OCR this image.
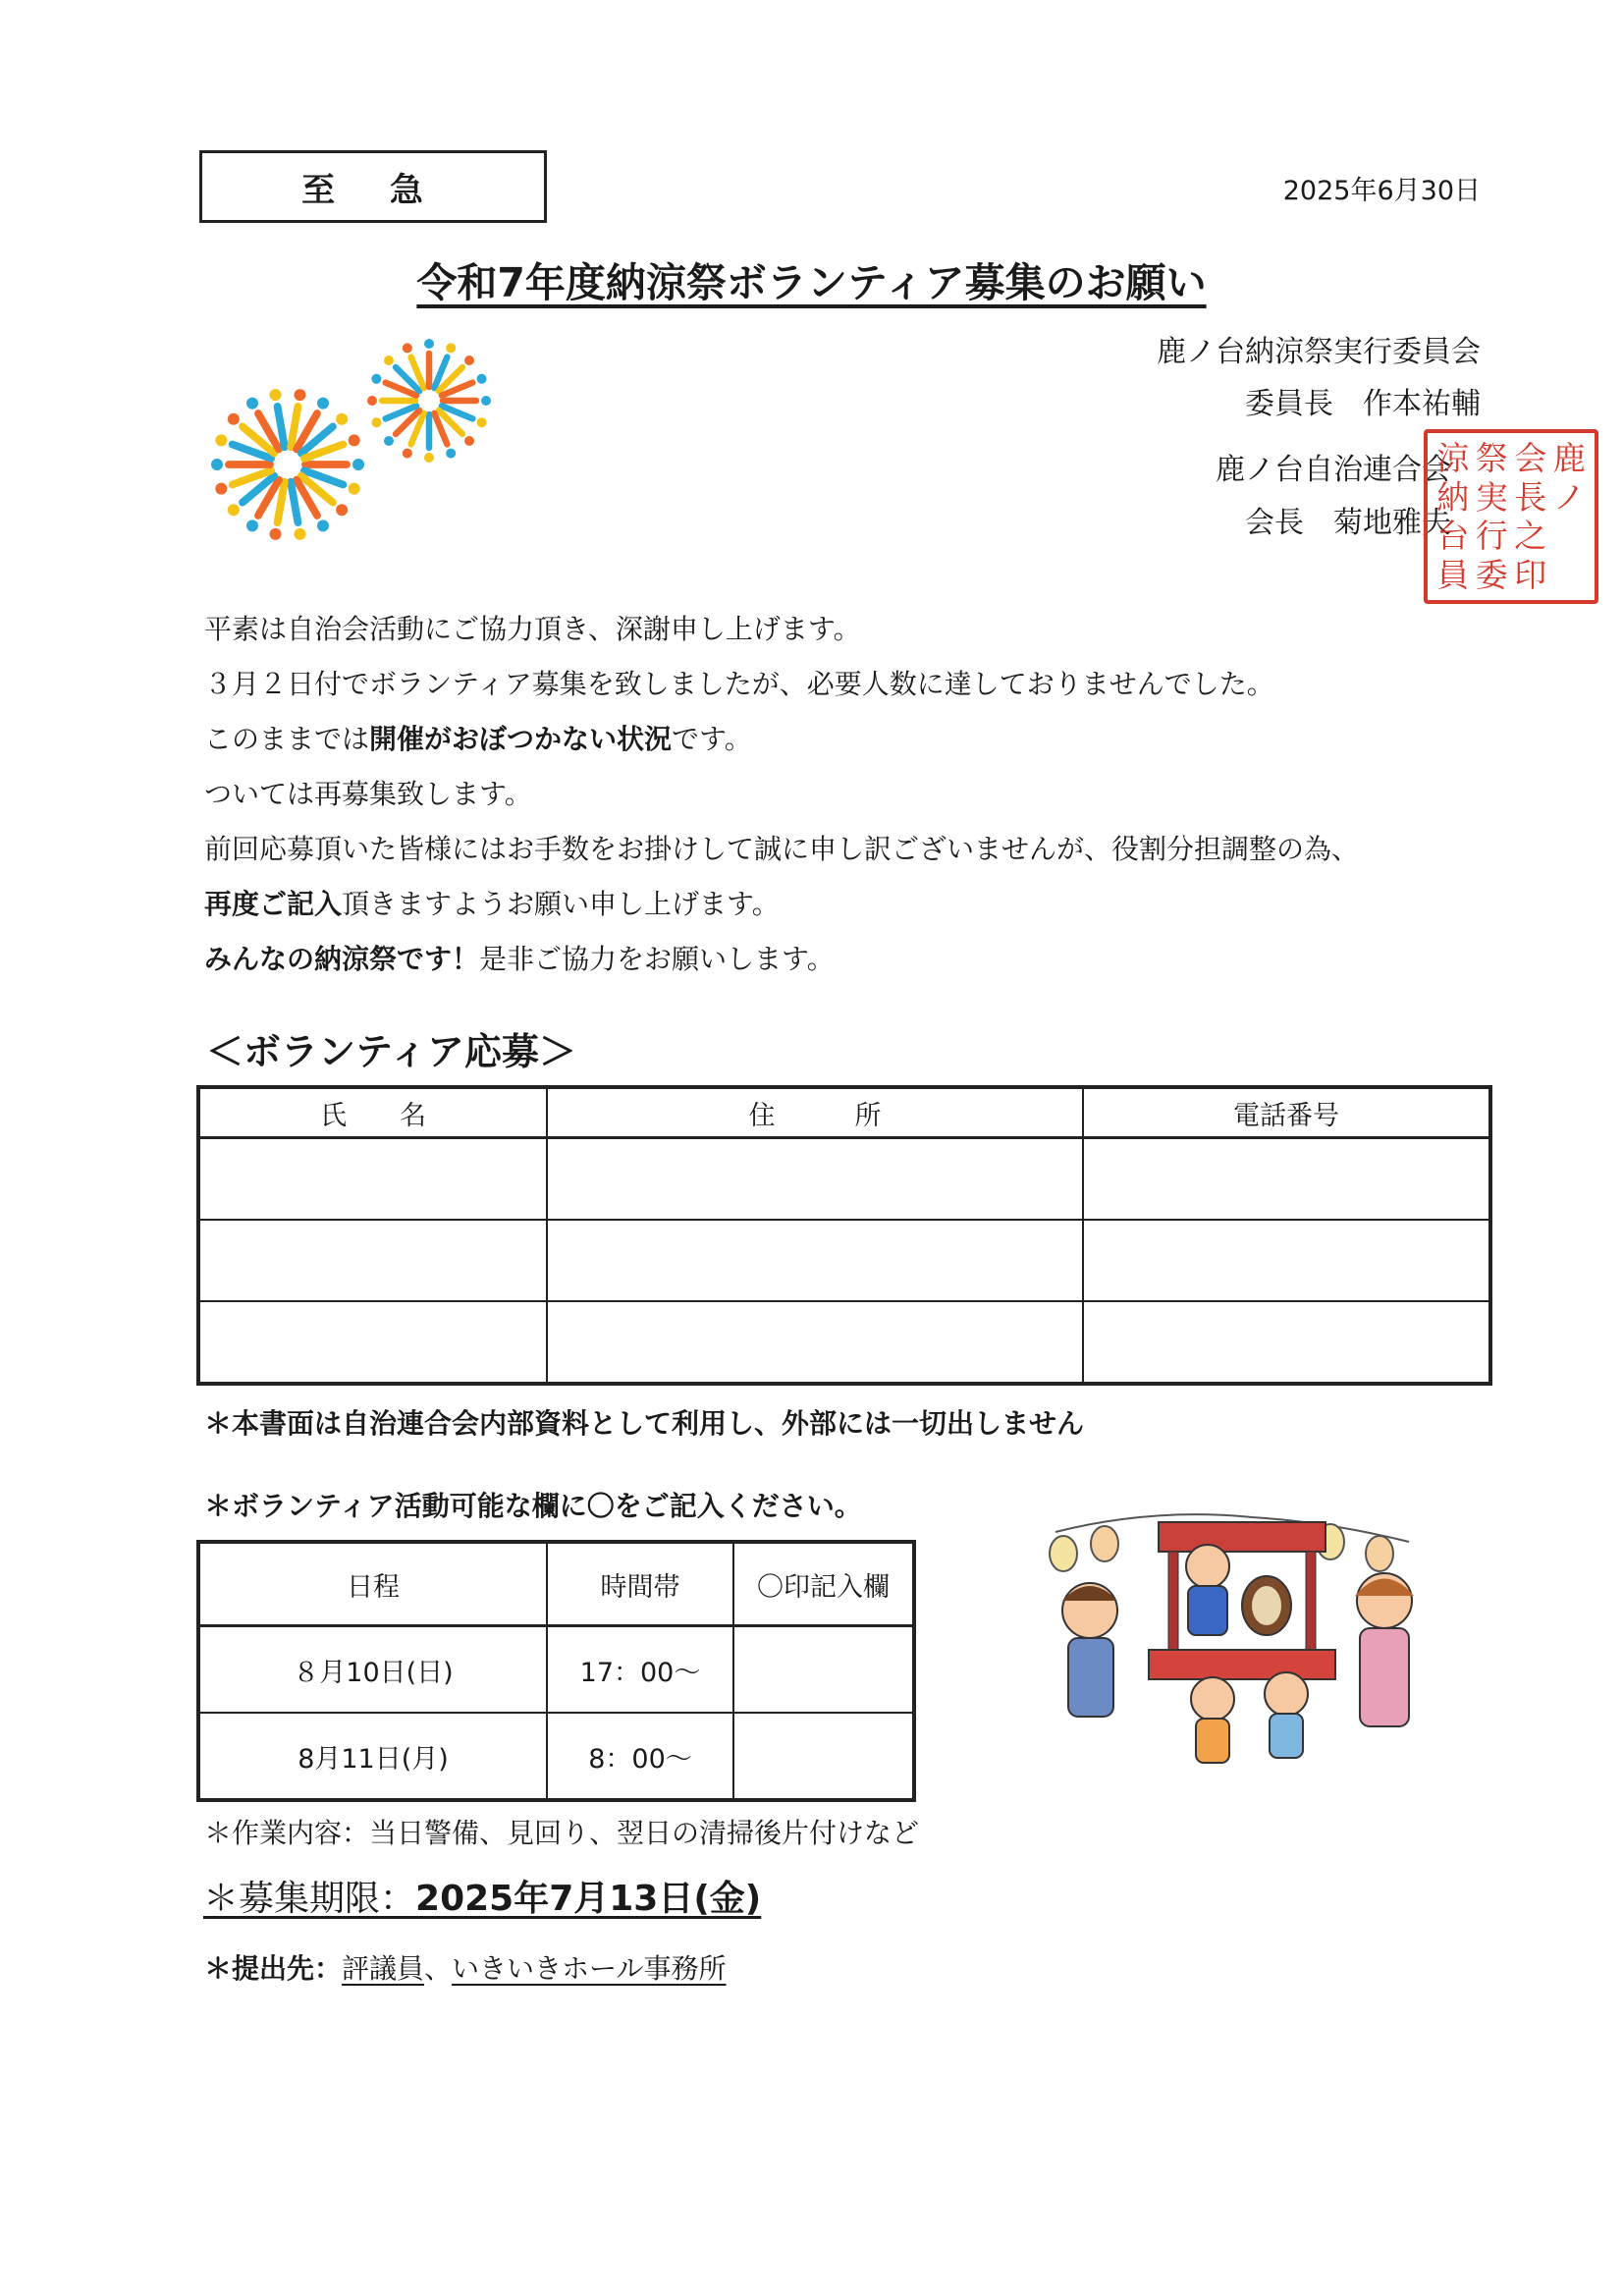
至 急	2025年6月30日
令和7年度納涼祭ボランティア募集のお願い
鹿ノ台納涼祭実行委員会
委員長　作本祐輔
鹿ノ台自治連合会
会長　菊地雅夫
涼
納
台
員
祭
実
行
委
鹿
ノ
会
長
之
印

平素は自治会活動にご協力頂き、深謝申し上げます。

３月２日付でボランティア募集を致しましたが、必要人数に達しておりませんでした。

このままでは開催がおぼつかない状況です。

ついては再募集致します。

前回応募頂いた皆様にはお手数をお掛けして誠に申し訳ございませんが、役割分担調整の為、

再度ご記入頂きますようお願い申し上げます。

みんなの納涼祭です！是非ご協力をお願いします。

＜ボランティア応募＞
氏　　名	住　　　所	電話番号

＊本書面は自治連合会内部資料として利用し、外部には一切出しません
＊ボランティア活動可能な欄に〇をご記入ください。
日程	時間帯	〇印記入欄
８月10日(日)	17：00～	
8月11日(月)	8：00～	
＊作業内容：当日警備、見回り、翌日の清掃後片付けなど
＊募集期限：2025年7月13日(金)
＊提出先：評議員、いきいきホール事務所
